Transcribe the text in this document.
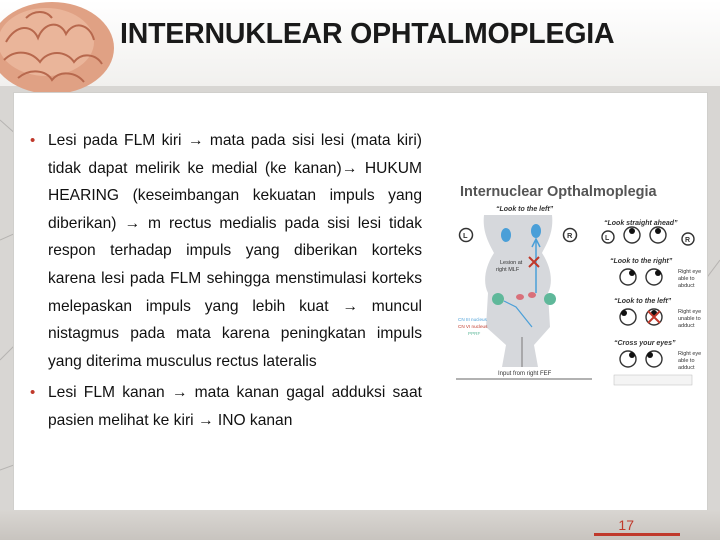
INTERNUKLEAR OPHTALMOPLEGIA
• Lesi pada FLM kiri → mata pada sisi lesi (mata kiri) tidak dapat melirik ke medial (ke kanan)→ HUKUM HEARING (keseimbangan kekuatan impuls yang diberikan) → m rectus medialis pada sisi lesi tidak respon terhadap impuls yang diberikan korteks karena lesi pada FLM sehingga menstimulasi korteks melepaskan impuls yang lebih kuat → muncul nistagmus pada mata karena peningkatan impuls yang diterima musculus rectus lateralis
• Lesi FLM kanan → mata kanan gagal adduksi saat pasien melihat ke kiri → INO kanan
Internuclear Opthalmoplegia
“Look to the left”
L	R
Lesion at
right MLF
CN III nucleus
CN VI nucleus
PPRF
Input from right FEF
“Look straight ahead”
L	R
“Look to the right”
Right eye
able to
abduct
“Look to the left”
Right eye
unable to
adduct
“Cross your eyes”
Right eye
able to
adduct
17
